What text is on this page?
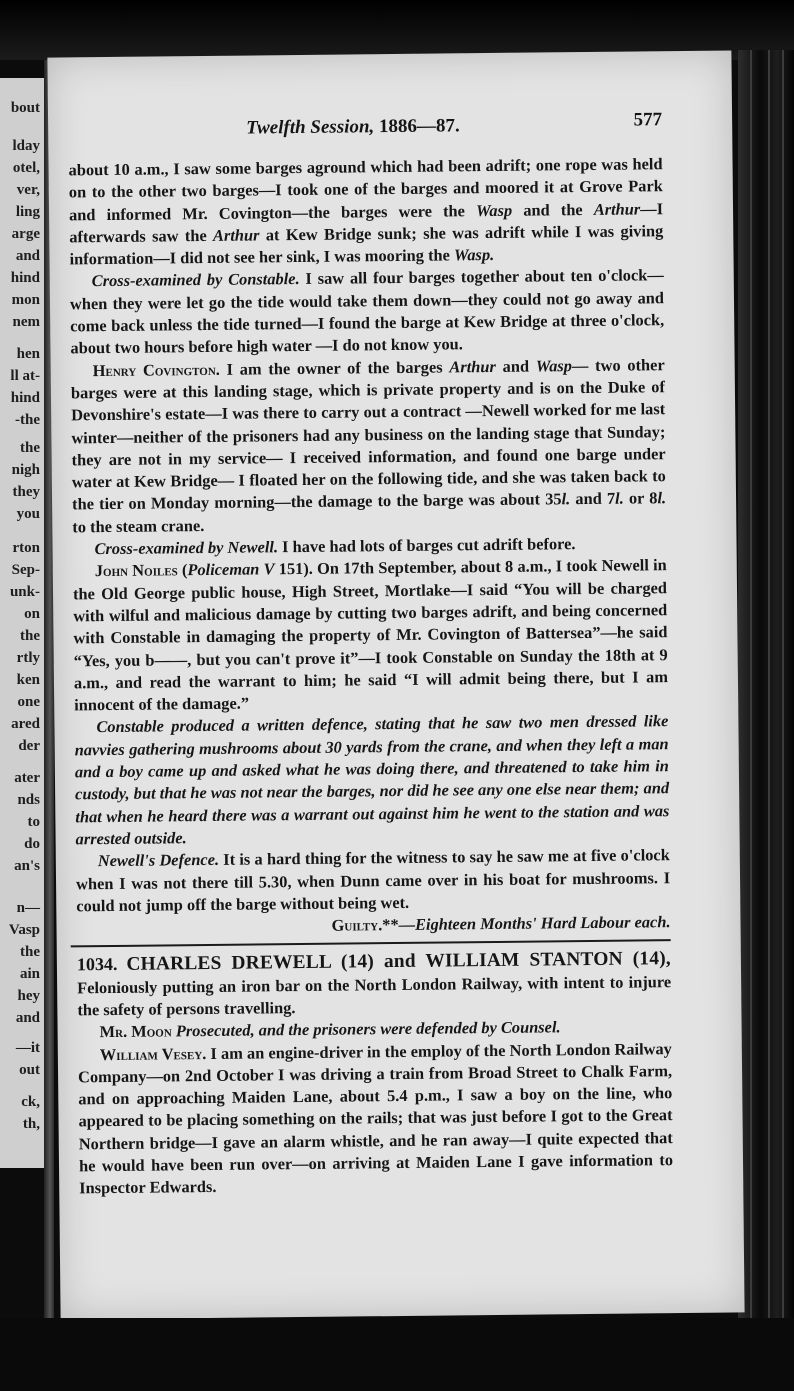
bout
lday
otel,
ver,
ling
arge
and
hind
mon
nem
hen
ll at-
hind
-the
the
nigh
they
you
rton
Sep-
unk-
on
the
rtly
ken
one
ared
der
ater
nds
to
do
an's
n—
Vasp
the
ain
hey
and
—it
out
ck,
th,
Twelfth Session, 1886—87.	577

about 10 a.m., I saw some barges aground which had been adrift; one rope was held on to the other two barges—I took one of the barges and moored it at Grove Park and informed Mr. Covington—the barges were the Wasp and the Arthur—I afterwards saw the Arthur at Kew Bridge sunk; she was adrift while I was giving information—I did not see her sink, I was mooring the Wasp.

Cross-examined by Constable. I saw all four barges together about ten o'clock—when they were let go the tide would take them down—they could not go away and come back unless the tide turned—I found the barge at Kew Bridge at three o'clock, about two hours before high water —I do not know you.

Henry Covington. I am the owner of the barges Arthur and Wasp— two other barges were at this landing stage, which is private property and is on the Duke of Devonshire's estate—I was there to carry out a contract —Newell worked for me last winter—neither of the prisoners had any business on the landing stage that Sunday; they are not in my service— I received information, and found one barge under water at Kew Bridge— I floated her on the following tide, and she was taken back to the tier on Monday morning—the damage to the barge was about 35l. and 7l. or 8l. to the steam crane.

Cross-examined by Newell. I have had lots of barges cut adrift before.

John Noiles (Policeman V 151). On 17th September, about 8 a.m., I took Newell in the Old George public house, High Street, Mortlake—I said “You will be charged with wilful and malicious damage by cutting two barges adrift, and being concerned with Constable in damaging the property of Mr. Covington of Battersea”—he said “Yes, you b——, but you can't prove it”—I took Constable on Sunday the 18th at 9 a.m., and read the warrant to him; he said “I will admit being there, but I am innocent of the damage.”

Constable produced a written defence, stating that he saw two men dressed like navvies gathering mushrooms about 30 yards from the crane, and when they left a man and a boy came up and asked what he was doing there, and threatened to take him in custody, but that he was not near the barges, nor did he see any one else near them; and that when he heard there was a warrant out against him he went to the station and was arrested outside.

Newell's Defence. It is a hard thing for the witness to say he saw me at five o'clock when I was not there till 5.30, when Dunn came over in his boat for mushrooms. I could not jump off the barge without being wet.

Guilty.**—Eighteen Months' Hard Labour each.

1034. CHARLES DREWELL (14) and WILLIAM STANTON (14), Feloniously putting an iron bar on the North London Railway, with intent to injure the safety of persons travelling.

Mr. Moon Prosecuted, and the prisoners were defended by Counsel.

William Vesey. I am an engine-driver in the employ of the North London Railway Company—on 2nd October I was driving a train from Broad Street to Chalk Farm, and on approaching Maiden Lane, about 5.4 p.m., I saw a boy on the line, who appeared to be placing something on the rails; that was just before I got to the Great Northern bridge—I gave an alarm whistle, and he ran away—I quite expected that he would have been run over—on arriving at Maiden Lane I gave information to Inspector Edwards.
